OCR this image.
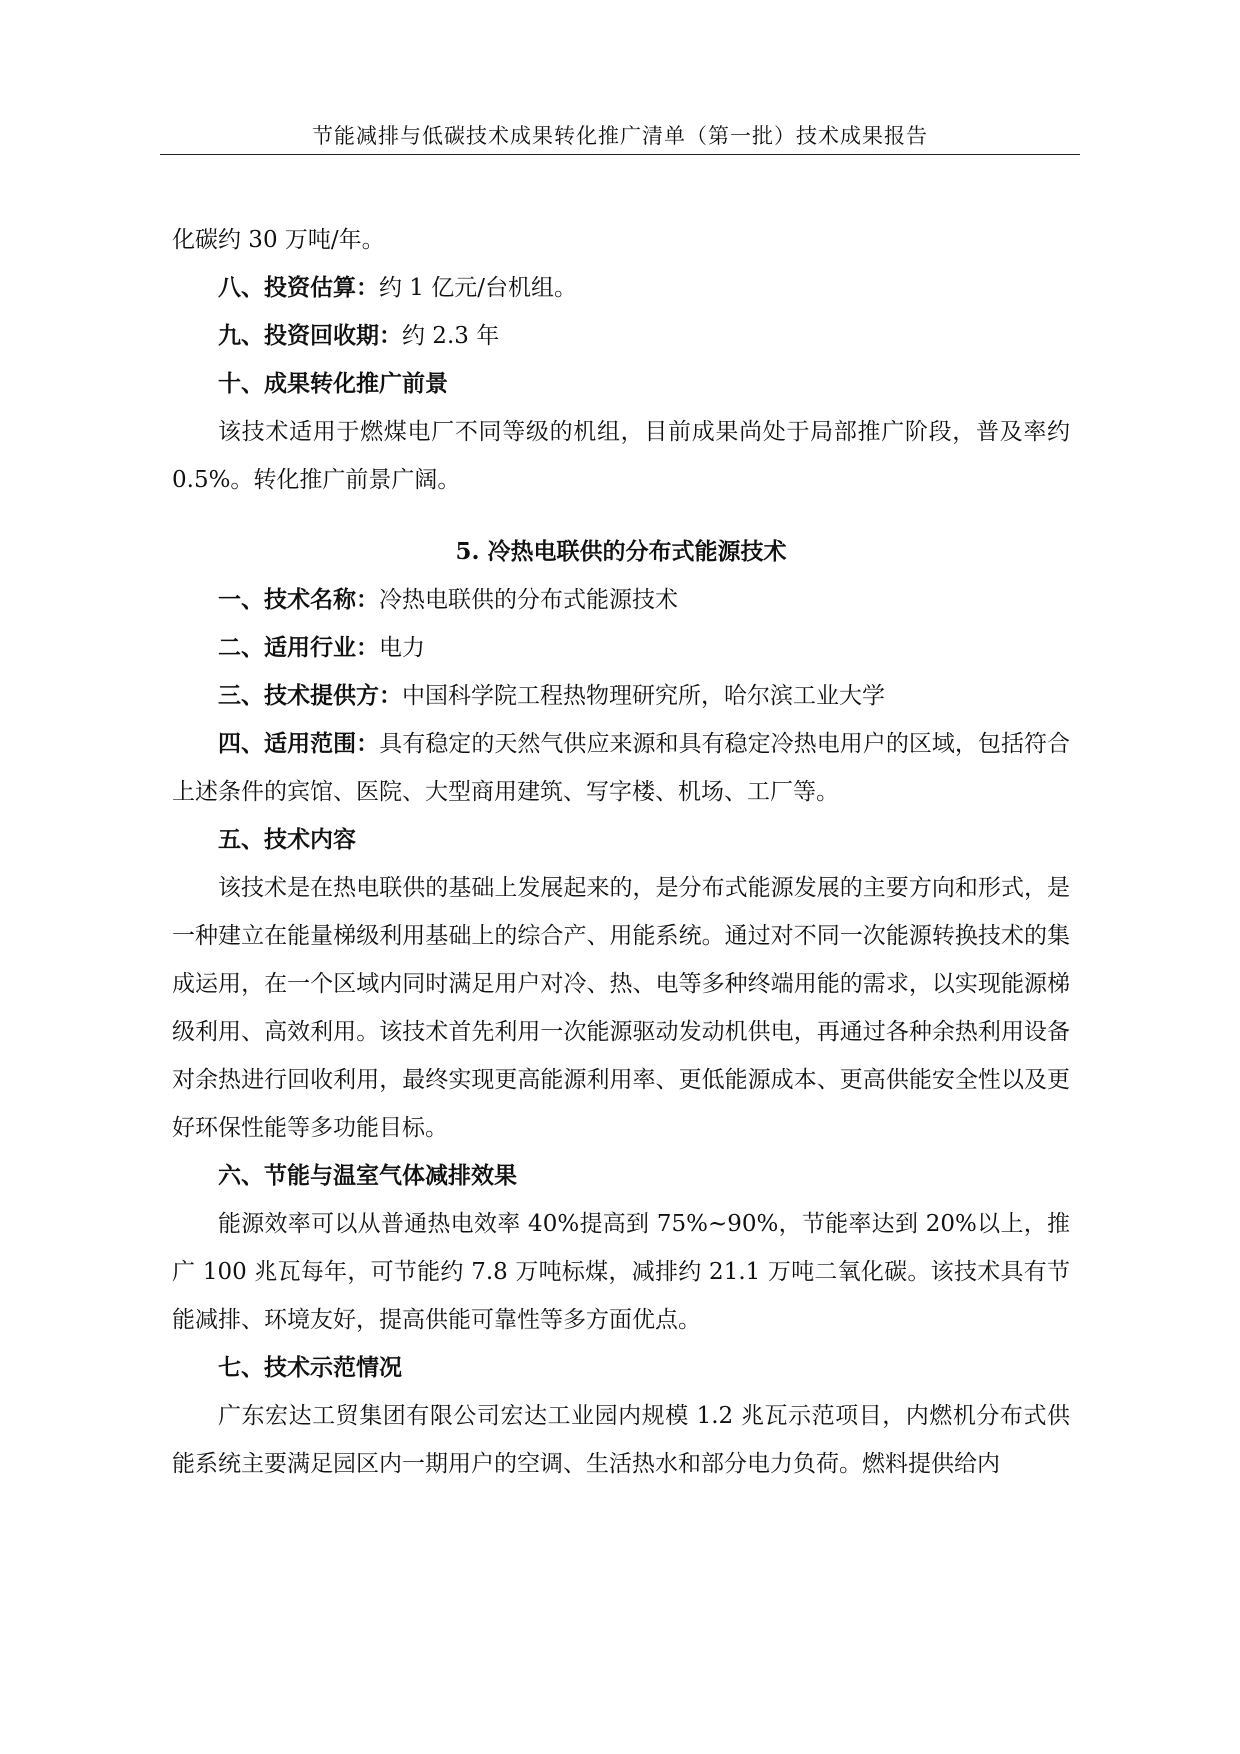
节能减排与低碳技术成果转化推广清单（第一批）技术成果报告

化碳约 30 万吨/年。

八、投资估算：约 1 亿元/台机组。

九、投资回收期：约 2.3 年

十、成果转化推广前景

该技术适用于燃煤电厂不同等级的机组，目前成果尚处于局部推广阶段，普及率约 0.5%。转化推广前景广阔。

5. 冷热电联供的分布式能源技术

一、技术名称：冷热电联供的分布式能源技术

二、适用行业：电力

三、技术提供方：中国科学院工程热物理研究所，哈尔滨工业大学

四、适用范围：具有稳定的天然气供应来源和具有稳定冷热电用户的区域，包括符合上述条件的宾馆、医院、大型商用建筑、写字楼、机场、工厂等。

五、技术内容

该技术是在热电联供的基础上发展起来的，是分布式能源发展的主要方向和形式，是一种建立在能量梯级利用基础上的综合产、用能系统。通过对不同一次能源转换技术的集成运用，在一个区域内同时满足用户对冷、热、电等多种终端用能的需求，以实现能源梯级利用、高效利用。该技术首先利用一次能源驱动发动机供电，再通过各种余热利用设备对余热进行回收利用，最终实现更高能源利用率、更低能源成本、更高供能安全性以及更好环保性能等多功能目标。

六、节能与温室气体减排效果

能源效率可以从普通热电效率 40%提高到 75%~90%，节能率达到 20%以上，推广 100 兆瓦每年，可节能约 7.8 万吨标煤，减排约 21.1 万吨二氧化碳。该技术具有节能减排、环境友好，提高供能可靠性等多方面优点。

七、技术示范情况

广东宏达工贸集团有限公司宏达工业园内规模 1.2 兆瓦示范项目，内燃机分布式供能系统主要满足园区内一期用户的空调、生活热水和部分电力负荷。燃料提供给内
